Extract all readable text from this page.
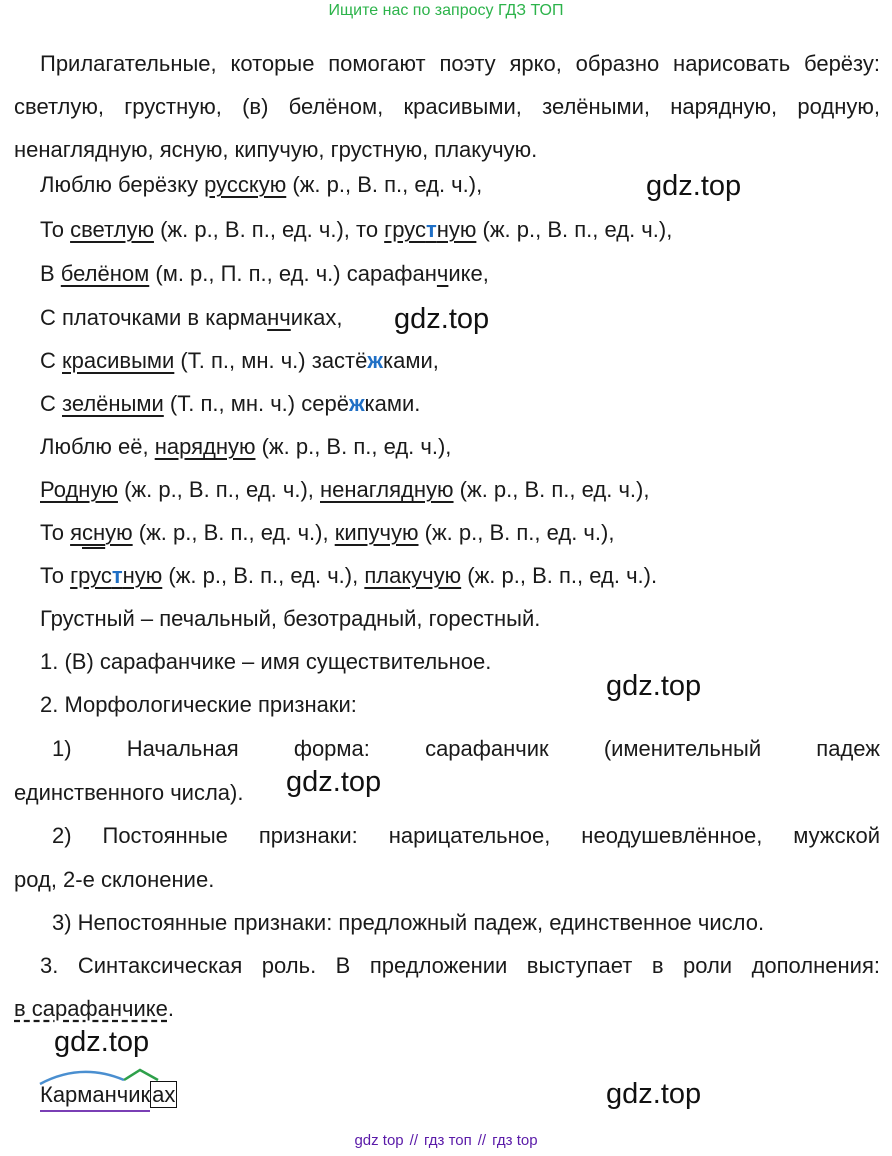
Ищите нас по запросу ГДЗ ТОП
Прилагательные, которые помогают поэту ярко, образно нарисовать берёзу: светлую, грустную, (в) белёном, красивыми, зелёными, нарядную, родную, ненаглядную, ясную, кипучую, грустную, плакучую.
Люблю берёзку русскую (ж. р., В. п., ед. ч.),
То светлую (ж. р., В. п., ед. ч.), то грустную (ж. р., В. п., ед. ч.),
В белёном (м. р., П. п., ед. ч.) сарафанчике,
С платочками в карманчиках,
С красивыми (Т. п., мн. ч.) застёжками,
С зелёными (Т. п., мн. ч.) серёжками.
Люблю её, нарядную (ж. р., В. п., ед. ч.),
Родную (ж. р., В. п., ед. ч.), ненаглядную (ж. р., В. п., ед. ч.),
То ясную (ж. р., В. п., ед. ч.), кипучую (ж. р., В. п., ед. ч.),
То грустную (ж. р., В. п., ед. ч.), плакучую (ж. р., В. п., ед. ч.).
Грустный – печальный, безотрадный, горестный.
1. (В) сарафанчике – имя существительное.
2. Морфологические признаки:
1)	Начальная	форма:	сарафанчик	(именительный	падеж
единственного числа).
2) Постоянные признаки: нарицательное, неодушевлённое, мужской
род, 2-е склонение.
3) Непостоянные признаки: предложный падеж, единственное число.
3. Синтаксическая роль. В предложении выступает в роли дополнения:
в сарафанчике.
Карманчиках
gdz.top
gdz.top
gdz.top
gdz.top
gdz.top
gdz.top
gdz top // гдз топ // гдз top
